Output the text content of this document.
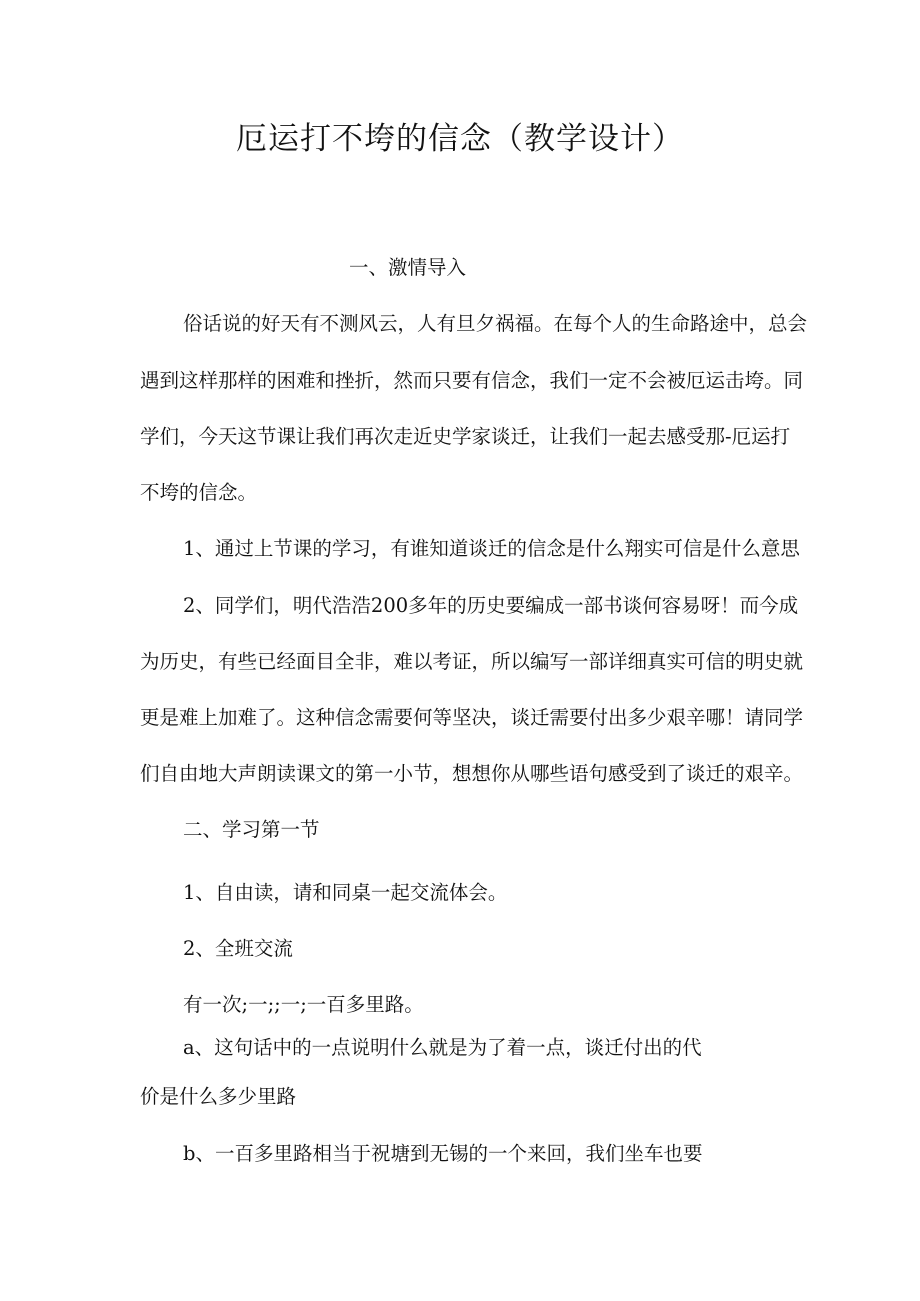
厄运打不垮的信念（教学设计）

一、激情导入

俗话说的好天有不测风云，人有旦夕祸福。在每个人的生命路途中，总会

遇到这样那样的困难和挫折，然而只要有信念，我们一定不会被厄运击垮。同

学们，今天这节课让我们再次走近史学家谈迁，让我们一起去感受那-厄运打

不垮的信念。

1、通过上节课的学习，有谁知道谈迁的信念是什么翔实可信是什么意思

2、同学们，明代浩浩200多年的历史要编成一部书谈何容易呀！而今成

为历史，有些已经面目全非，难以考证，所以编写一部详细真实可信的明史就

更是难上加难了。这种信念需要何等坚决，谈迁需要付出多少艰辛哪！请同学

们自由地大声朗读课文的第一小节，想想你从哪些语句感受到了谈迁的艰辛。

二、学习第一节

1、自由读，请和同桌一起交流体会。

2、全班交流

有一次;一;;一;一百多里路。

a、这句话中的一点说明什么就是为了着一点，谈迁付出的代

价是什么多少里路

b、一百多里路相当于祝塘到无锡的一个来回，我们坐车也要
